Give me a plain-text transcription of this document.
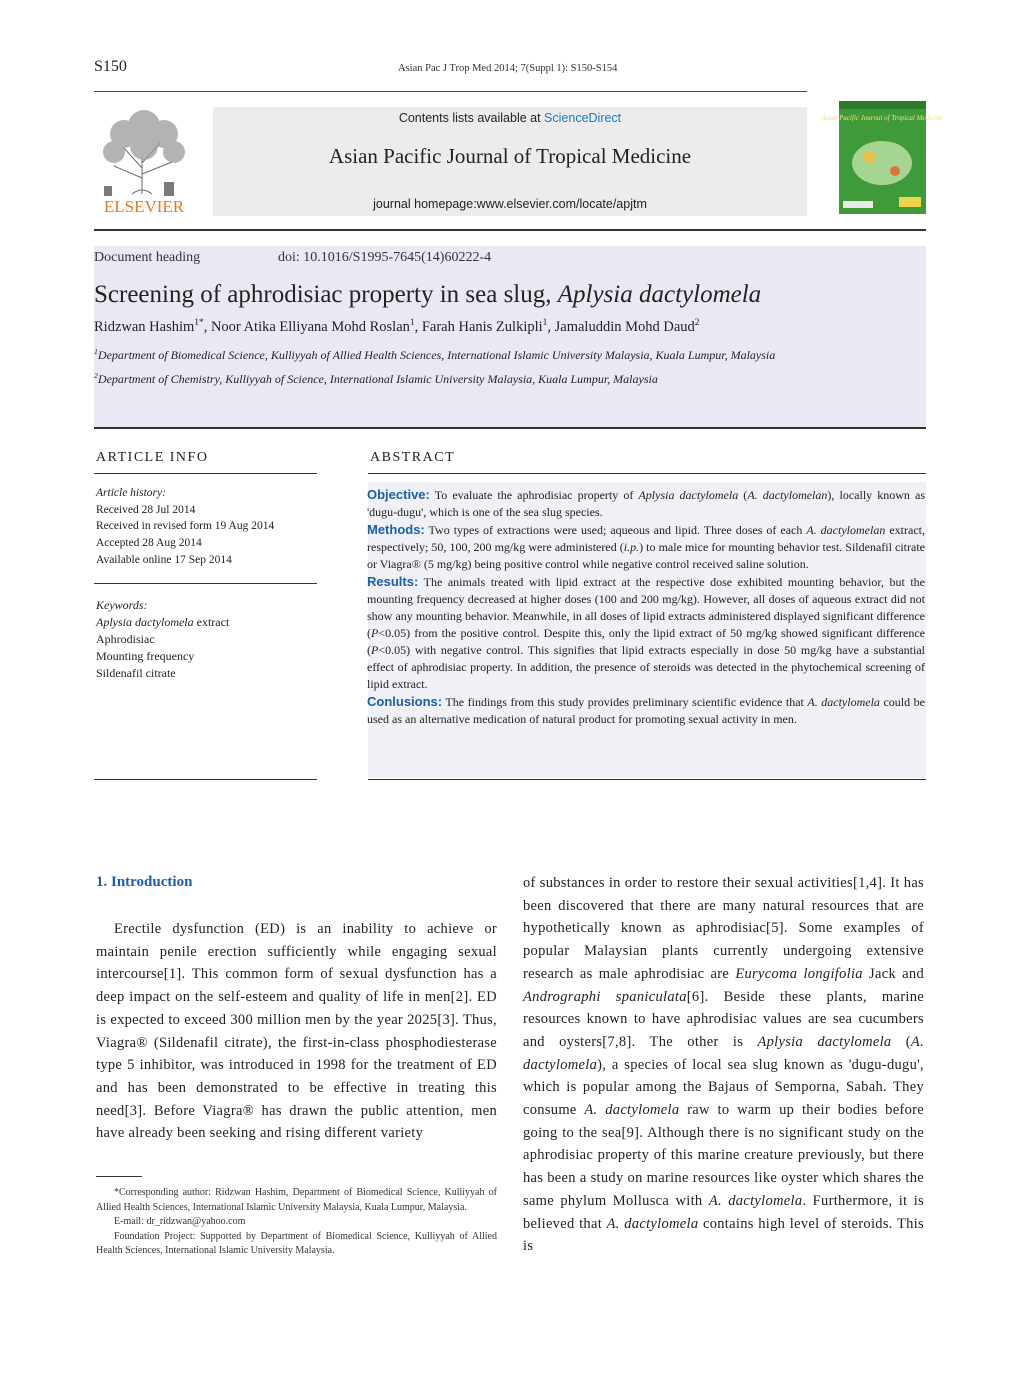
S150	Asian Pac J Trop Med 2014; 7(Suppl 1): S150-S154
ELSEVIER
Contents lists available at ScienceDirect
Asian Pacific Journal of Tropical Medicine
journal homepage:www.elsevier.com/locate/apjtm
Asian Pacific Journal of Tropical Medicine
Document heading	doi: 10.1016/S1995-7645(14)60222-4
Screening of aphrodisiac property in sea slug, Aplysia dactylomela
Ridzwan Hashim$^{1*}$, Noor Atika Elliyana Mohd Roslan$^1$, Farah Hanis Zulkipli$^1$, Jamaluddin Mohd Daud$^2$
$^1$Department of Biomedical Science, Kulliyyah of Allied Health Sciences, International Islamic University Malaysia, Kuala Lumpur, Malaysia
$^2$Department of Chemistry, Kulliyyah of Science, International Islamic University Malaysia, Kuala Lumpur, Malaysia
ARTICLE INFO
Article history:
Received 28 Jul 2014
Received in revised form 19 Aug 2014
Accepted 28 Aug 2014
Available online 17 Sep 2014
Keywords:
Aplysia dactylomela extract
Aphrodisiac
Mounting frequency
Sildenafil citrate
ABSTRACT
Objective: To evaluate the aphrodisiac property of Aplysia dactylomela (A. dactylomelan), locally known as 'dugu-dugu', which is one of the sea slug species.
Methods: Two types of extractions were used; aqueous and lipid. Three doses of each A. dactylomelan extract, respectively; 50, 100, 200 mg/kg were administered (i.p.) to male mice for mounting behavior test. Sildenafil citrate or Viagra® (5 mg/kg) being positive control while negative control received saline solution.
Results: The animals treated with lipid extract at the respective dose exhibited mounting behavior, but the mounting frequency decreased at higher doses (100 and 200 mg/kg). However, all doses of aqueous extract did not show any mounting behavior. Meanwhile, in all doses of lipid extracts administered displayed significant difference (P<0.05) from the positive control. Despite this, only the lipid extract of 50 mg/kg showed significant difference (P<0.05) with negative control. This signifies that lipid extracts especially in dose 50 mg/kg have a substantial effect of aphrodisiac property. In addition, the presence of steroids was detected in the phytochemical screening of lipid extract.
Conlusions: The findings from this study provides preliminary scientific evidence that A. dactylomela could be used as an alternative medication of natural product for promoting sexual activity in men.
1. Introduction
Erectile dysfunction (ED) is an inability to achieve or maintain penile erection sufficiently while engaging sexual intercourse[1]. This common form of sexual dysfunction has a deep impact on the self-esteem and quality of life in men[2]. ED is expected to exceed 300 million men by the year 2025[3]. Thus, Viagra® (Sildenafil citrate), the first-in-class phosphodiesterase type 5 inhibitor, was introduced in 1998 for the treatment of ED and has been demonstrated to be effective in treating this need[3]. Before Viagra® has drawn the public attention, men have already been seeking and rising different variety
of substances in order to restore their sexual activities[1,4]. It has been discovered that there are many natural resources that are hypothetically known as aphrodisiac[5]. Some examples of popular Malaysian plants currently undergoing extensive research as male aphrodisiac are Eurycoma longifolia Jack and Andrographi spaniculata[6]. Beside these plants, marine resources known to have aphrodisiac values are sea cucumbers and oysters[7,8]. The other is Aplysia dactylomela (A. dactylomela), a species of local sea slug known as 'dugu-dugu', which is popular among the Bajaus of Semporna, Sabah. They consume A. dactylomela raw to warm up their bodies before going to the sea[9]. Although there is no significant study on the aphrodisiac property of this marine creature previously, but there has been a study on marine resources like oyster which shares the same phylum Mollusca with A. dactylomela. Furthermore, it is believed that A. dactylomela contains high level of steroids. This is

*Corresponding author: Ridzwan Hashim, Department of Biomedical Science, Kulliyyah of Allied Health Sciences, International Islamic University Malaysia, Kuala Lumpur, Malaysia.

E-mail: dr_ridzwan@yahoo.com

Foundation Project: Supported by Department of Biomedical Science, Kulliyyah of Allied Health Sciences, International Islamic University Malaysia.
